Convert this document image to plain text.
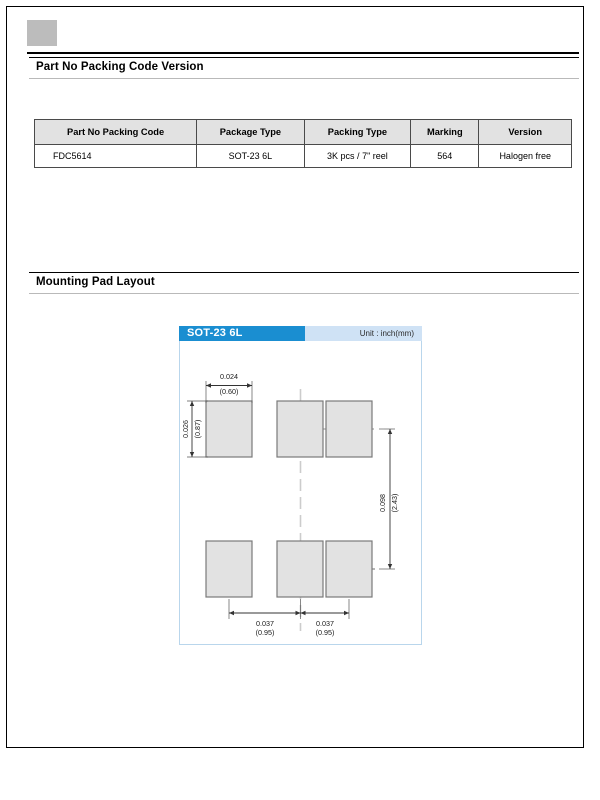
Part No Packing Code Version
Part No Packing Code	Package Type	Packing Type	Marking	Version
FDC5614	SOT-23 6L	3K pcs / 7" reel	564	Halogen free
Mounting Pad Layout
SOT-23 6L	Unit : inch(mm)
0.024
(0.60)
0.026 (0.87)
0.098 (2.43)
0.037
(0.95)
0.037
(0.95)
